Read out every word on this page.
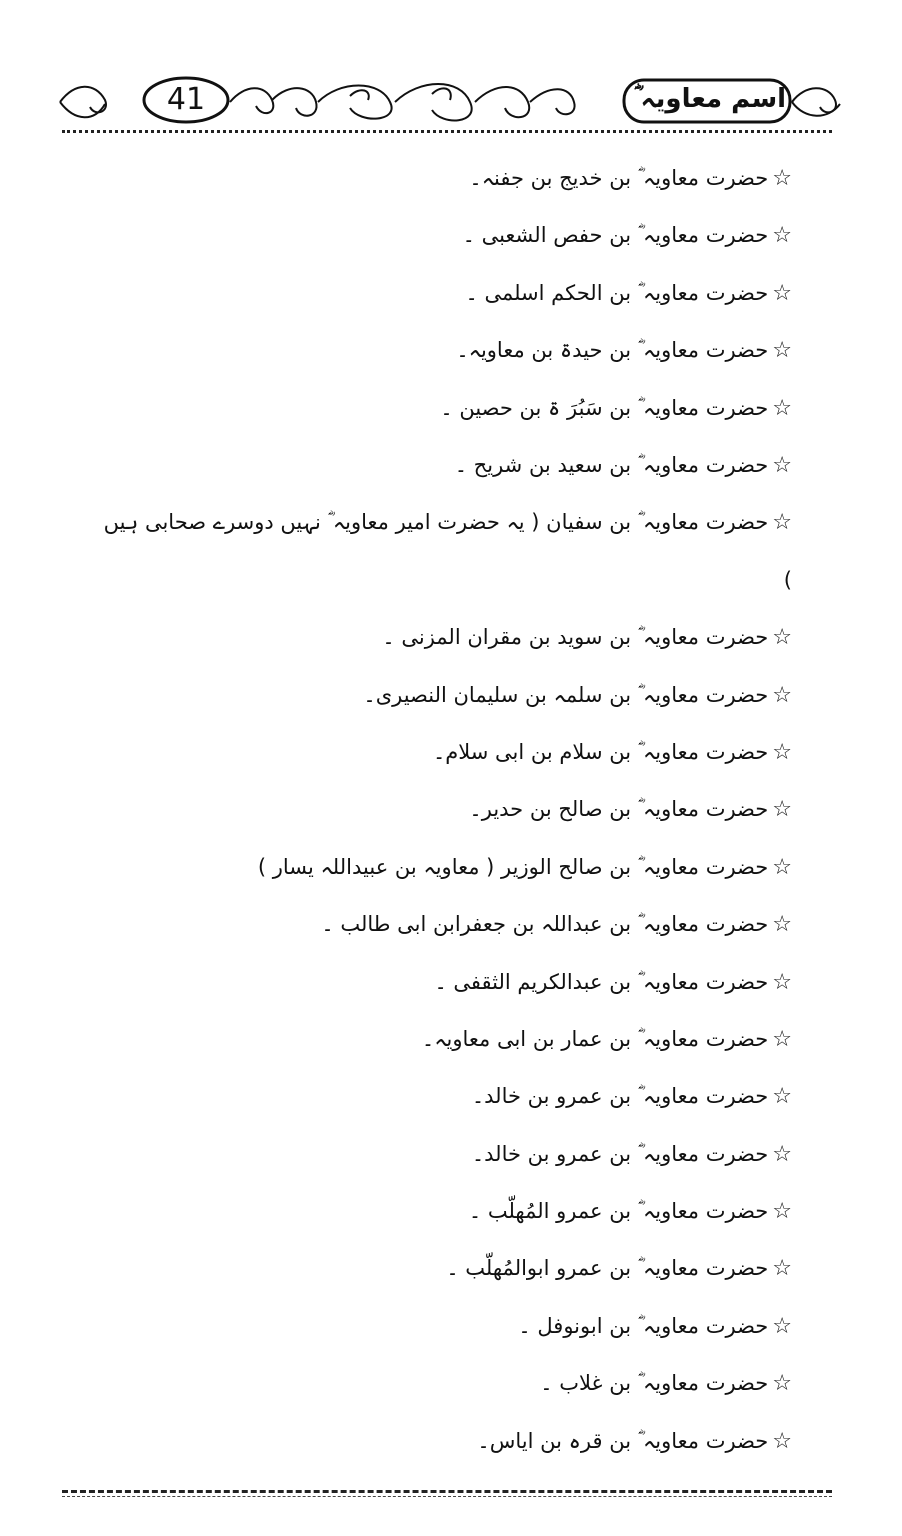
41	اسم معاویہ ؓ
☆حضرت معاویہ ؓ بن خدیج بن جفنہ۔
☆حضرت معاویہ ؓ بن حفص الشعبی ۔
☆حضرت معاویہ ؓ بن الحکم اسلمی ۔
☆حضرت معاویہ ؓ بن حیدۃ بن معاویہ۔
☆حضرت معاویہ ؓ بن سَبُرَ ۃ بن حصین ۔
☆حضرت معاویہ ؓ بن سعید بن شریح ۔
☆حضرت معاویہ ؓ بن سفیان ( یہ حضرت امیر معاویہ ؓ نہیں دوسرے صحابی ہیں )
☆حضرت معاویہ ؓ بن سوید بن مقران المزنی ۔
☆حضرت معاویہ ؓ بن سلمہ بن سلیمان النصیری۔
☆حضرت معاویہ ؓ بن سلام بن ابی سلام۔
☆حضرت معاویہ ؓ بن صالح بن حدیر۔
☆حضرت معاویہ ؓ بن صالح الوزیر ( معاویہ بن عبیداللہ یسار )
☆حضرت معاویہ ؓ بن عبداللہ بن جعفرابن ابی طالب ۔
☆حضرت معاویہ ؓ بن عبدالکریم الثقفی ۔
☆حضرت معاویہ ؓ بن عمار بن ابی معاویہ۔
☆حضرت معاویہ ؓ بن عمرو بن خالد۔
☆حضرت معاویہ ؓ بن عمرو بن خالد۔
☆حضرت معاویہ ؓ بن عمرو المُھلّب ۔
☆حضرت معاویہ ؓ بن عمرو ابوالمُھلّب ۔
☆حضرت معاویہ ؓ بن ابونوفل ۔
☆حضرت معاویہ ؓ بن غلاب ۔
☆حضرت معاویہ ؓ بن قرہ بن ایاس۔
